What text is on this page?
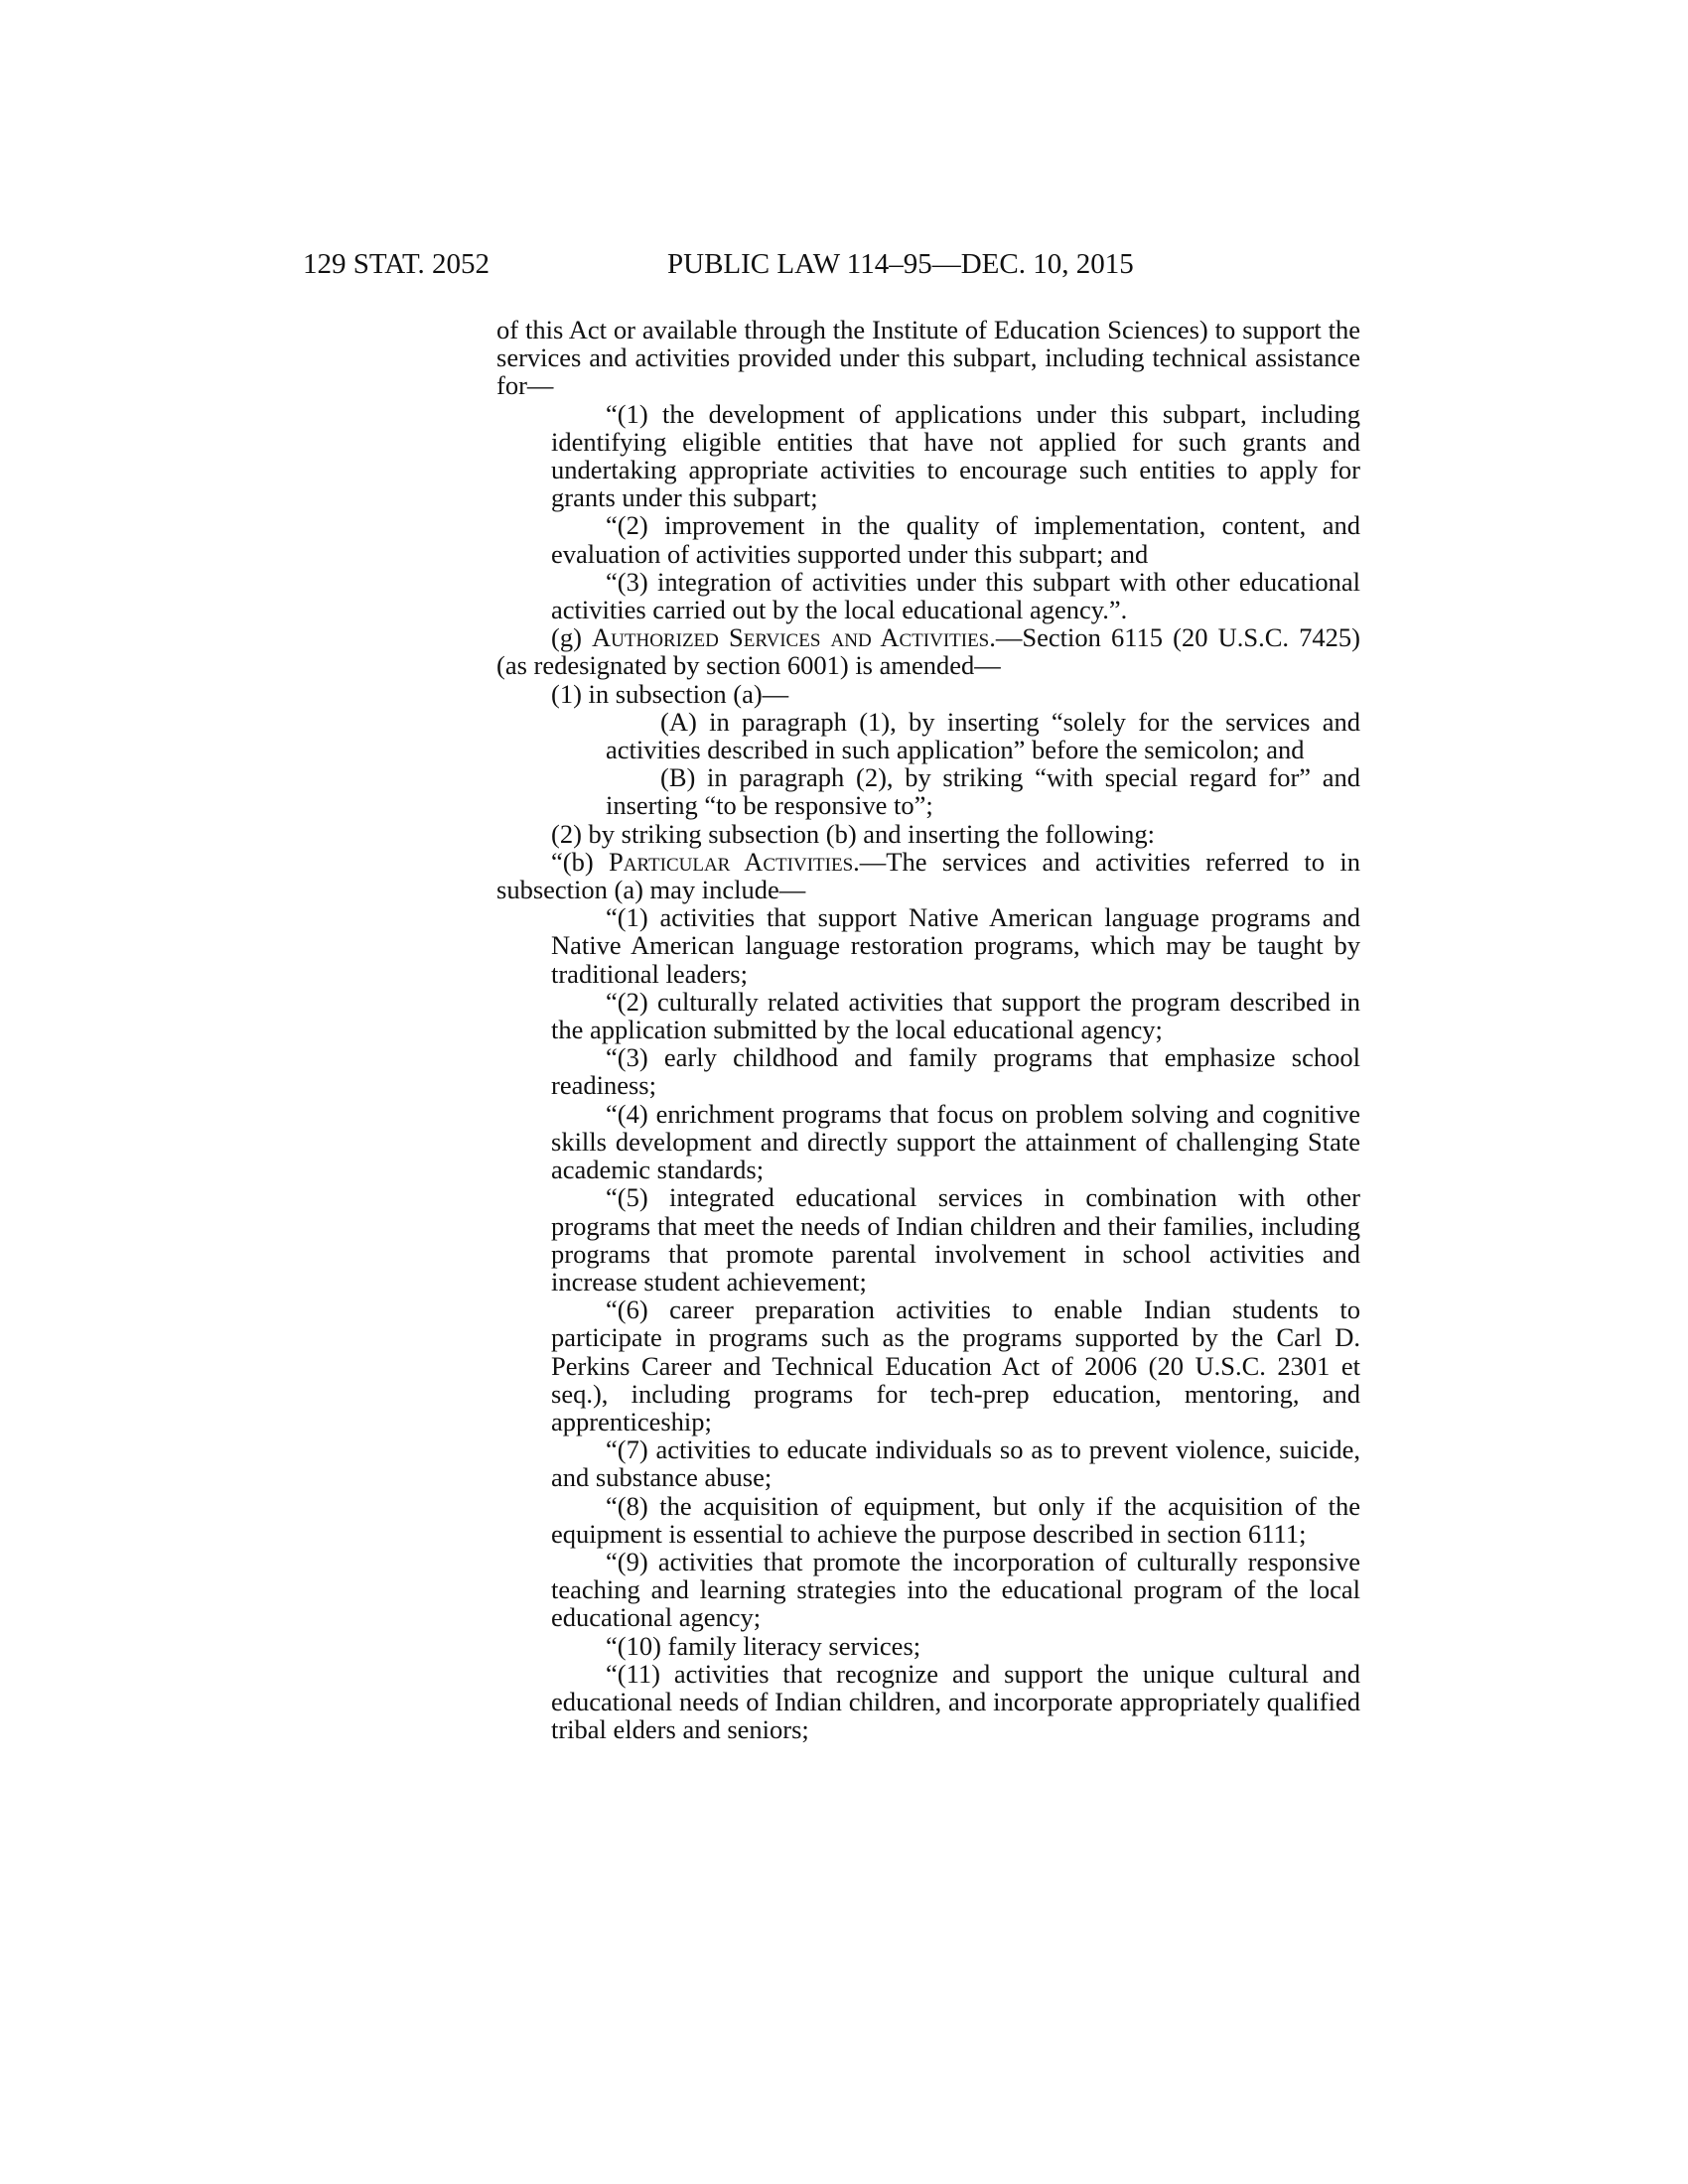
129 STAT. 2052	PUBLIC LAW 114–95—DEC. 10, 2015

of this Act or available through the Institute of Education Sciences) to support the services and activities provided under this subpart, including technical assistance for—

“(1) the development of applications under this subpart, including identifying eligible entities that have not applied for such grants and undertaking appropriate activities to encourage such entities to apply for grants under this subpart;

“(2) improvement in the quality of implementation, content, and evaluation of activities supported under this subpart; and

“(3) integration of activities under this subpart with other educational activities carried out by the local educational agency.”.

(g) Authorized Services and Activities.—Section 6115 (20 U.S.C. 7425) (as redesignated by section 6001) is amended—

(1) in subsection (a)—

(A) in paragraph (1), by inserting “solely for the services and activities described in such application” before the semicolon; and

(B) in paragraph (2), by striking “with special regard for” and inserting “to be responsive to”;

(2) by striking subsection (b) and inserting the following:

“(b) Particular Activities.—The services and activities referred to in subsection (a) may include—

“(1) activities that support Native American language programs and Native American language restoration programs, which may be taught by traditional leaders;

“(2) culturally related activities that support the program described in the application submitted by the local educational agency;

“(3) early childhood and family programs that emphasize school readiness;

“(4) enrichment programs that focus on problem solving and cognitive skills development and directly support the attainment of challenging State academic standards;

“(5) integrated educational services in combination with other programs that meet the needs of Indian children and their families, including programs that promote parental involvement in school activities and increase student achievement;

“(6) career preparation activities to enable Indian students to participate in programs such as the programs supported by the Carl D. Perkins Career and Technical Education Act of 2006 (20 U.S.C. 2301 et seq.), including programs for tech-prep education, mentoring, and apprenticeship;

“(7) activities to educate individuals so as to prevent violence, suicide, and substance abuse;

“(8) the acquisition of equipment, but only if the acquisition of the equipment is essential to achieve the purpose described in section 6111;

“(9) activities that promote the incorporation of culturally responsive teaching and learning strategies into the educational program of the local educational agency;

“(10) family literacy services;

“(11) activities that recognize and support the unique cultural and educational needs of Indian children, and incorporate appropriately qualified tribal elders and seniors;
